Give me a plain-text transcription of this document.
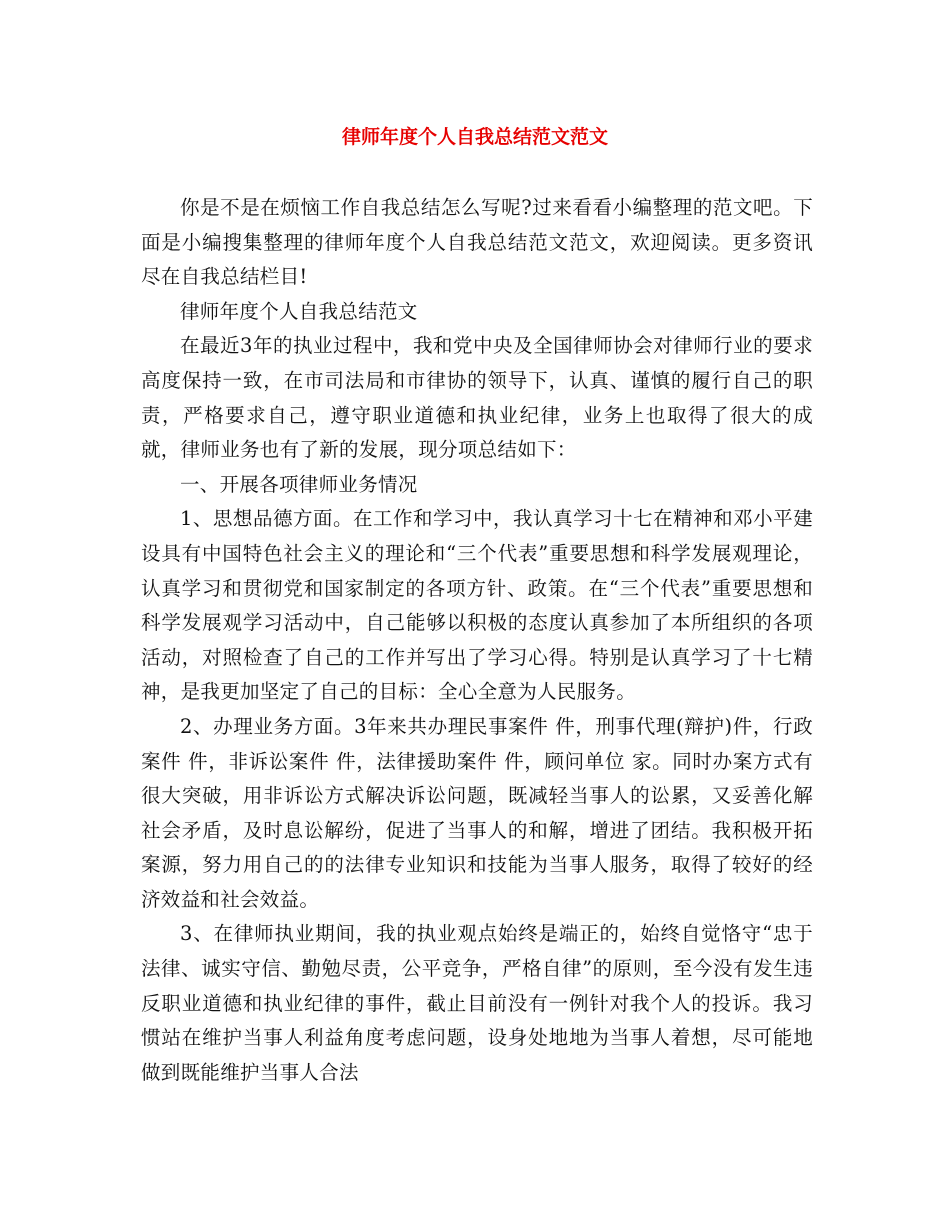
律师年度个人自我总结范文范文

你是不是在烦恼工作自我总结怎么写呢?过来看看小编整理的范文吧。下面是小编搜集整理的律师年度个人自我总结范文范文，欢迎阅读。更多资讯尽在自我总结栏目!

律师年度个人自我总结范文

在最近3年的执业过程中，我和党中央及全国律师协会对律师行业的要求高度保持一致，在市司法局和市律协的领导下，认真、谨慎的履行自己的职责，严格要求自己，遵守职业道德和执业纪律，业务上也取得了很大的成就，律师业务也有了新的发展，现分项总结如下：

一、开展各项律师业务情况

1、思想品德方面。在工作和学习中，我认真学习十七在精神和邓小平建设具有中国特色社会主义的理论和“三个代表”重要思想和科学发展观理论，认真学习和贯彻党和国家制定的各项方针、政策。在“三个代表”重要思想和科学发展观学习活动中，自己能够以积极的态度认真参加了本所组织的各项活动，对照检查了自己的工作并写出了学习心得。特别是认真学习了十七精神，是我更加坚定了自己的目标：全心全意为人民服务。

2、办理业务方面。3年来共办理民事案件 件，刑事代理(辩护)件，行政案件 件，非诉讼案件 件，法律援助案件 件，顾问单位 家。同时办案方式有很大突破，用非诉讼方式解决诉讼问题，既减轻当事人的讼累，又妥善化解社会矛盾，及时息讼解纷，促进了当事人的和解，增进了团结。我积极开拓案源，努力用自己的的法律专业知识和技能为当事人服务，取得了较好的经济效益和社会效益。

3、在律师执业期间，我的执业观点始终是端正的，始终自觉恪守“忠于法律、诚实守信、勤勉尽责，公平竞争，严格自律”的原则，至今没有发生违反职业道德和执业纪律的事件，截止目前没有一例针对我个人的投诉。我习惯站在维护当事人利益角度考虑问题，设身处地地为当事人着想，尽可能地做到既能维护当事人合法
